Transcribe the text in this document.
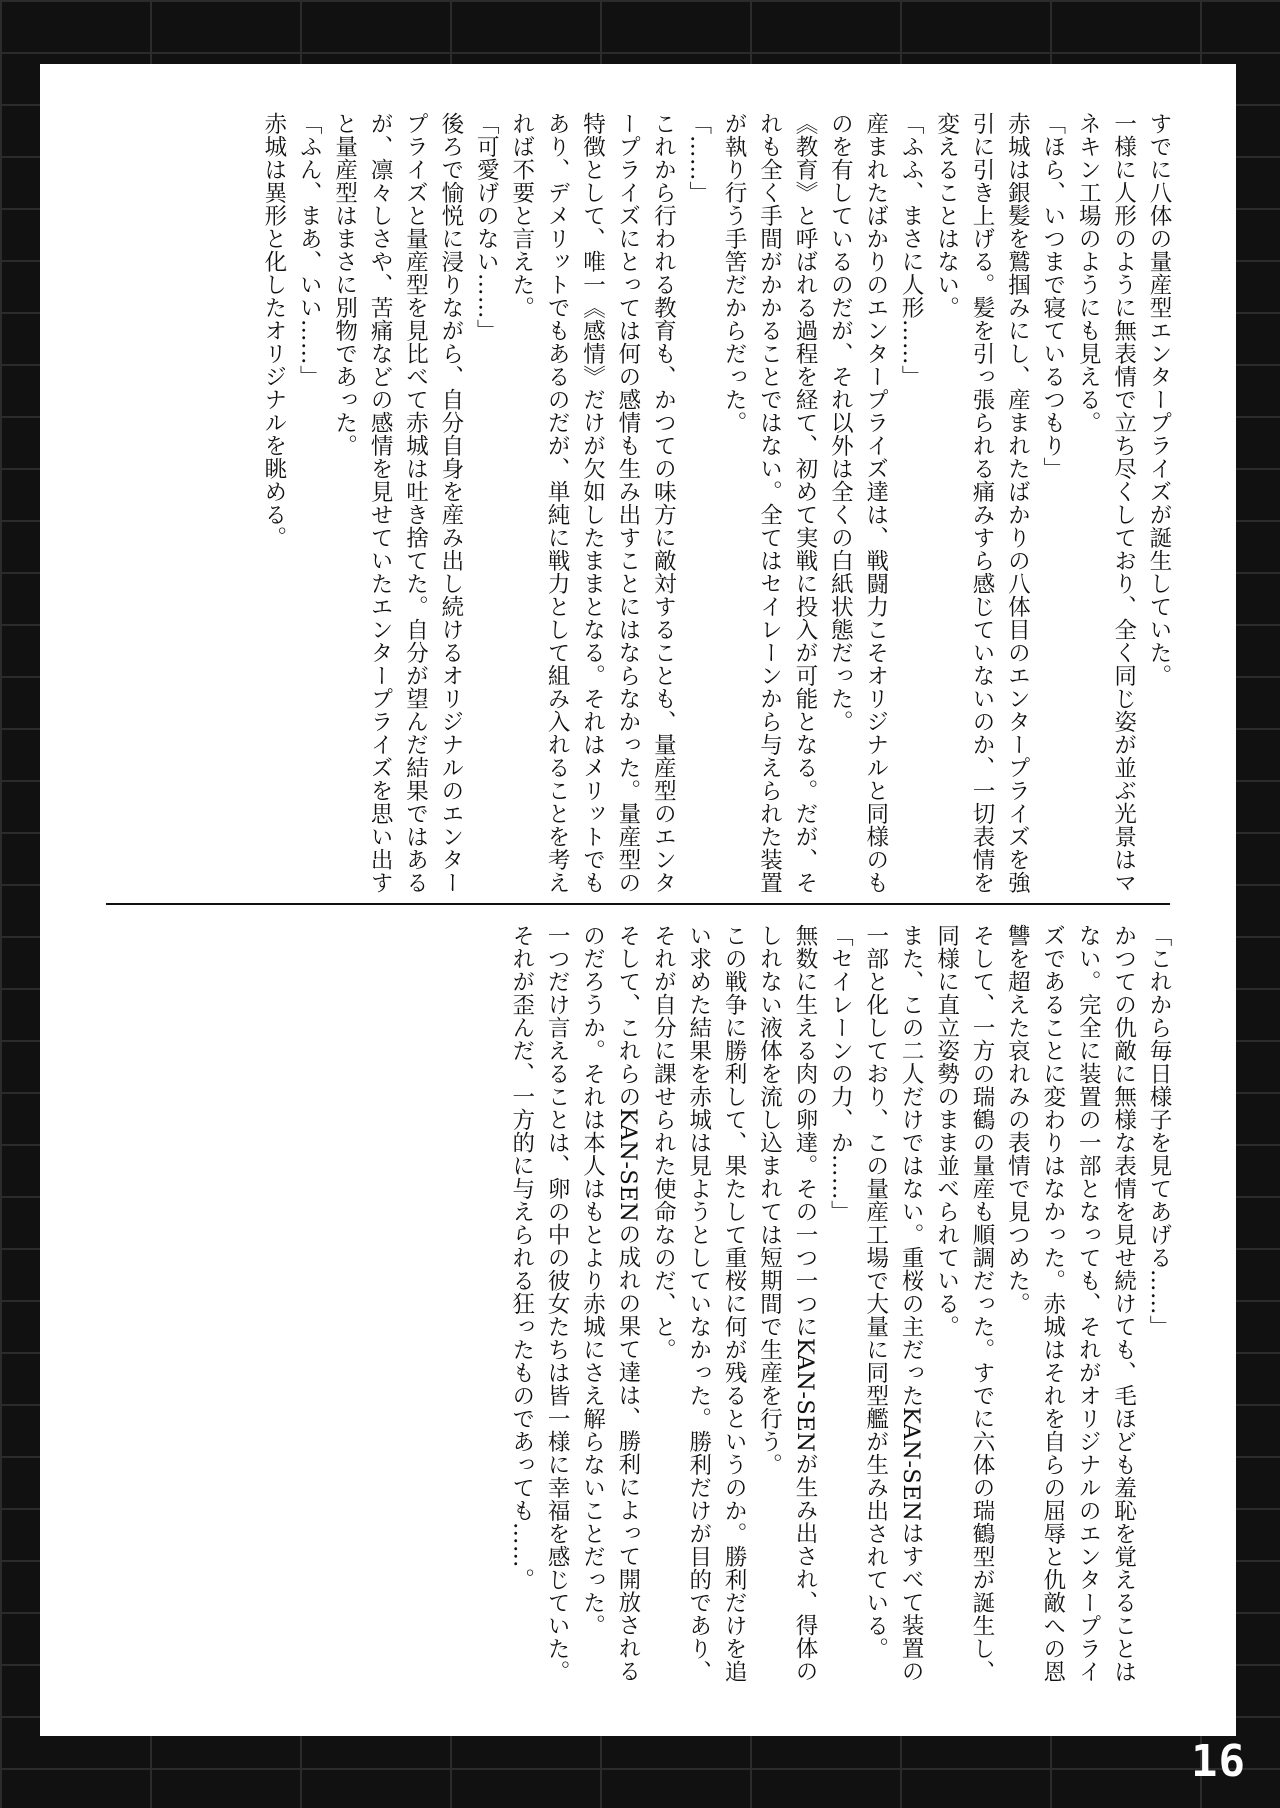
すでに八体の量産型エンタープライズが誕生していた。

一様に人形のように無表情で立ち尽くしており、全く同じ姿が並ぶ光景はマネキン工場のようにも見える。

「ほら、いつまで寝ているつもり」

赤城は銀髪を鷲掴みにし、産まれたばかりの八体目のエンタープライズを強引に引き上げる。髪を引っ張られる痛みすら感じていないのか、一切表情を変えることはない。

「ふふ、まさに人形……」

産まれたばかりのエンタープライズ達は、戦闘力こそオリジナルと同様のものを有しているのだが、それ以外は全くの白紙状態だった。

《教育》と呼ばれる過程を経て、初めて実戦に投入が可能となる。だが、それも全く手間がかかることではない。全てはセイレーンから与えられた装置が執り行う手筈だからだった。

「……」

これから行われる教育も、かつての味方に敵対することも、量産型のエンタープライズにとっては何の感情も生み出すことにはならなかった。量産型の特徴として、唯一《感情》だけが欠如したままとなる。それはメリットでもあり、デメリットでもあるのだが、単純に戦力として組み入れることを考えれば不要と言えた。

「可愛げのない……」

後ろで愉悦に浸りながら、自分自身を産み出し続けるオリジナルのエンタープライズと量産型を見比べて赤城は吐き捨てた。自分が望んだ結果ではあるが、凛々しさや、苦痛などの感情を見せていたエンタープライズを思い出すと量産型はまさに別物であった。

「ふん、まあ、いい……」

赤城は異形と化したオリジナルを眺める。

「これから毎日様子を見てあげる……」

かつての仇敵に無様な表情を見せ続けても、毛ほども羞恥を覚えることはない。完全に装置の一部となっても、それがオリジナルのエンタープライズであることに変わりはなかった。赤城はそれを自らの屈辱と仇敵への恩讐を超えた哀れみの表情で見つめた。

そして、一方の瑞鶴の量産も順調だった。すでに六体の瑞鶴型が誕生し、同様に直立姿勢のまま並べられている。

また、この二人だけではない。重桜の主だったKAN-SENはすべて装置の一部と化しており、この量産工場で大量に同型艦が生み出されている。

「セイレーンの力、か……」

無数に生える肉の卵達。その一つ一つにKAN-SENが生み出され、得体のしれない液体を流し込まれては短期間で生産を行う。

この戦争に勝利して、果たして重桜に何が残るというのか。勝利だけを追い求めた結果を赤城は見ようとしていなかった。勝利だけが目的であり、それが自分に課せられた使命なのだ、と。

そして、これらのKAN-SENの成れの果て達は、勝利によって開放されるのだろうか。それは本人はもとより赤城にさえ解らないことだった。

一つだけ言えることは、卵の中の彼女たちは皆一様に幸福を感じていた。

それが歪んだ、一方的に与えられる狂ったものであっても……。

16
